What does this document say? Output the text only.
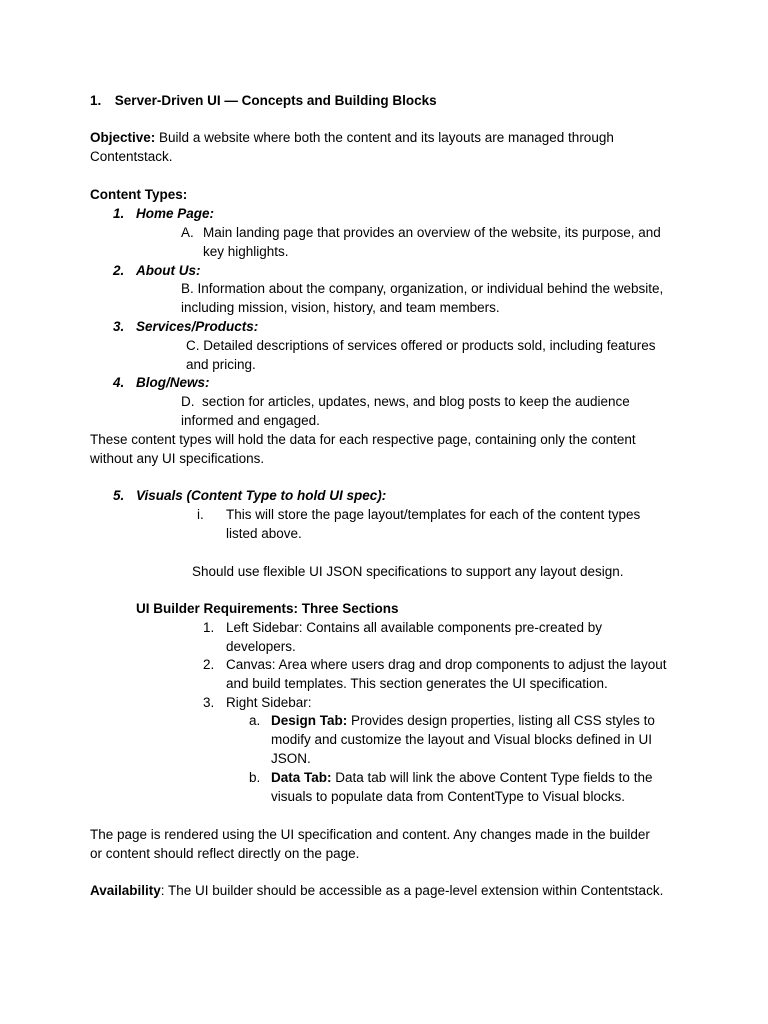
1. Server-Driven UI — Concepts and Building Blocks
Objective: Build a website where both the content and its layouts are managed through
Contentstack.
Content Types:
1. Home Page:
A. Main landing page that provides an overview of the website, its purpose, and
key highlights.
2. About Us:
B. Information about the company, organization, or individual behind the website,
including mission, vision, history, and team members.
3. Services/Products:
C. Detailed descriptions of services offered or products sold, including features
and pricing.
4. Blog/News:
D.  section for articles, updates, news, and blog posts to keep the audience
informed and engaged.
These content types will hold the data for each respective page, containing only the content
without any UI specifications.
5. Visuals (Content Type to hold UI spec):
i. This will store the page layout/templates for each of the content types
listed above.
Should use flexible UI JSON specifications to support any layout design.
UI Builder Requirements: Three Sections
1. Left Sidebar: Contains all available components pre-created by
developers.
2. Canvas: Area where users drag and drop components to adjust the layout
and build templates. This section generates the UI specification.
3. Right Sidebar:
a. Design Tab: Provides design properties, listing all CSS styles to
modify and customize the layout and Visual blocks defined in UI
JSON.
b. Data Tab: Data tab will link the above Content Type fields to the
visuals to populate data from ContentType to Visual blocks.
The page is rendered using the UI specification and content. Any changes made in the builder
or content should reflect directly on the page.
Availability: The UI builder should be accessible as a page-level extension within Contentstack.
